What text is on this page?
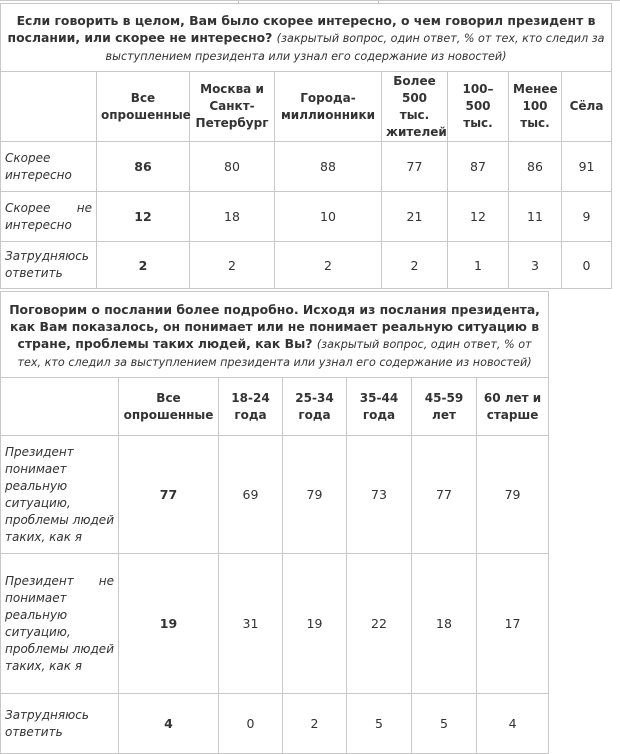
Если говорить в целом, Вам было скорее интересно, о чем говорил президент в послании, или скорее не интересно? (закрытый вопрос, один ответ, % от тех, кто следил за выступлением президента или узнал его содержание из новостей)							
	Все опрошенные	Москва и Санкт-Петербург	Города-миллионники	Более 500 тыс. жителей	100–500 тыс.	Менее 100 тыс.	Сёла
Скорее интересно	86	80	88	77	87	86	91
Скорее не интересно	12	18	10	21	12	11	9
Затрудняюсь ответить	2	2	2	2	1	3	0
Поговорим о послании более подробно. Исходя из послания президента, как Вам показалось, он понимает или не понимает реальную ситуацию в стране, проблемы таких людей, как Вы? (закрытый вопрос, один ответ, % от тех, кто следил за выступлением президента или узнал его содержание из новостей)						
	Все опрошенные	18-24 года	25-34 года	35-44 года	45-59 лет	60 лет и старше
Президент понимает реальную ситуацию, проблемы людей таких, как я	77	69	79	73	77	79
Президент не понимает реальную ситуацию, проблемы людей таких, как я	19	31	19	22	18	17
Затрудняюсь ответить	4	0	2	5	5	4
